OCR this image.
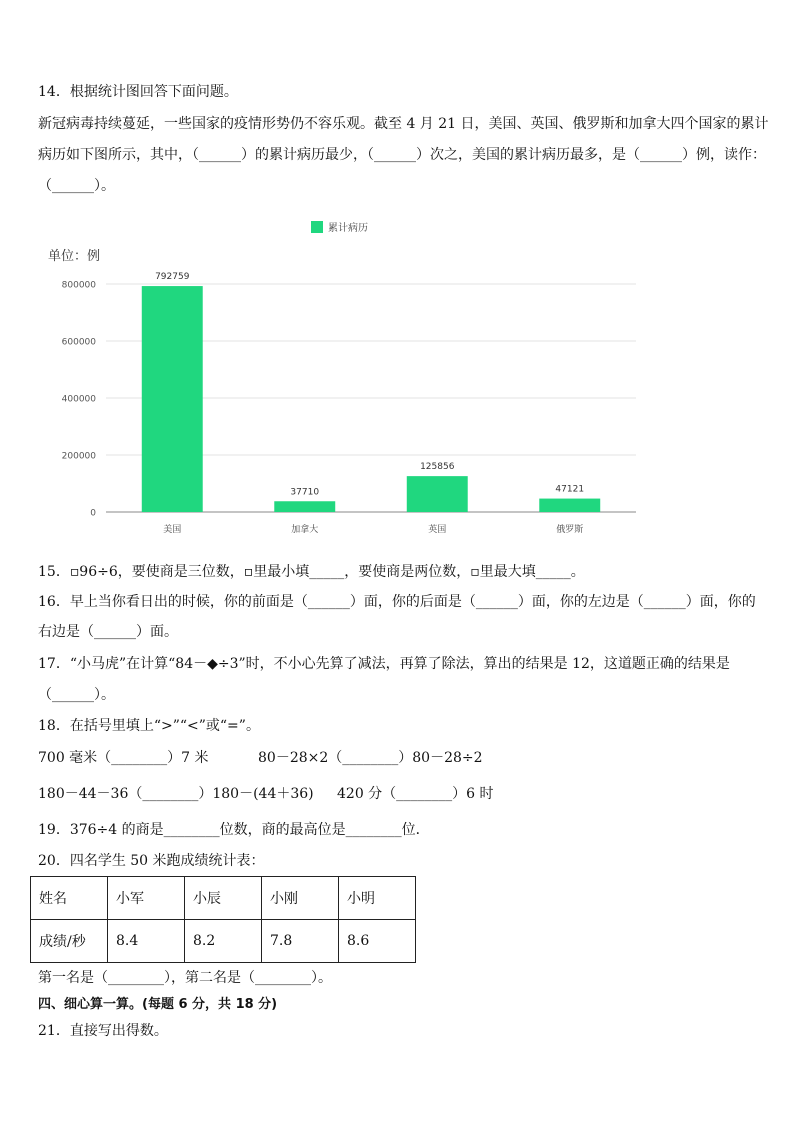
14．根据统计图回答下面问题。
新冠病毒持续蔓延，一些国家的疫情形势仍不容乐观。截至 4 月 21 日，美国、英国、俄罗斯和加拿大四个国家的累计
病历如下图所示，其中，（______）的累计病历最少，（______）次之，美国的累计病历最多，是（______）例，读作：
（______）。
累计病历
单位：例
0
200000
400000
600000
800000
792759
37710
125856
47121
美国	加拿大	英国	俄罗斯
15．▫96÷6，要使商是三位数，▫里最小填_____，要使商是两位数，▫里最大填_____。
16．早上当你看日出的时候，你的前面是（______）面，你的后面是（______）面，你的左边是（______）面，你的
右边是（______）面。
17．“小马虎”在计算“84－◆÷3”时，不小心先算了减法，再算了除法，算出的结果是 12，这道题正确的结果是
（______）。
18．在括号里填上“>”“<”或“=”。
700 毫米（________）7 米	80－28×2（________）80－28÷2
180－44－36（________）180－(44＋36) 420 分（________）6 时
19．376÷4 的商是________位数，商的最高位是________位．
20．四名学生 50 米跑成绩统计表：
姓名	小军	小辰	小刚	小明
成绩/秒	8.4	8.2	7.8	8.6
第一名是（________），第二名是（________）。
四、细心算一算。(每题 6 分，共 18 分)
21．直接写出得数。
